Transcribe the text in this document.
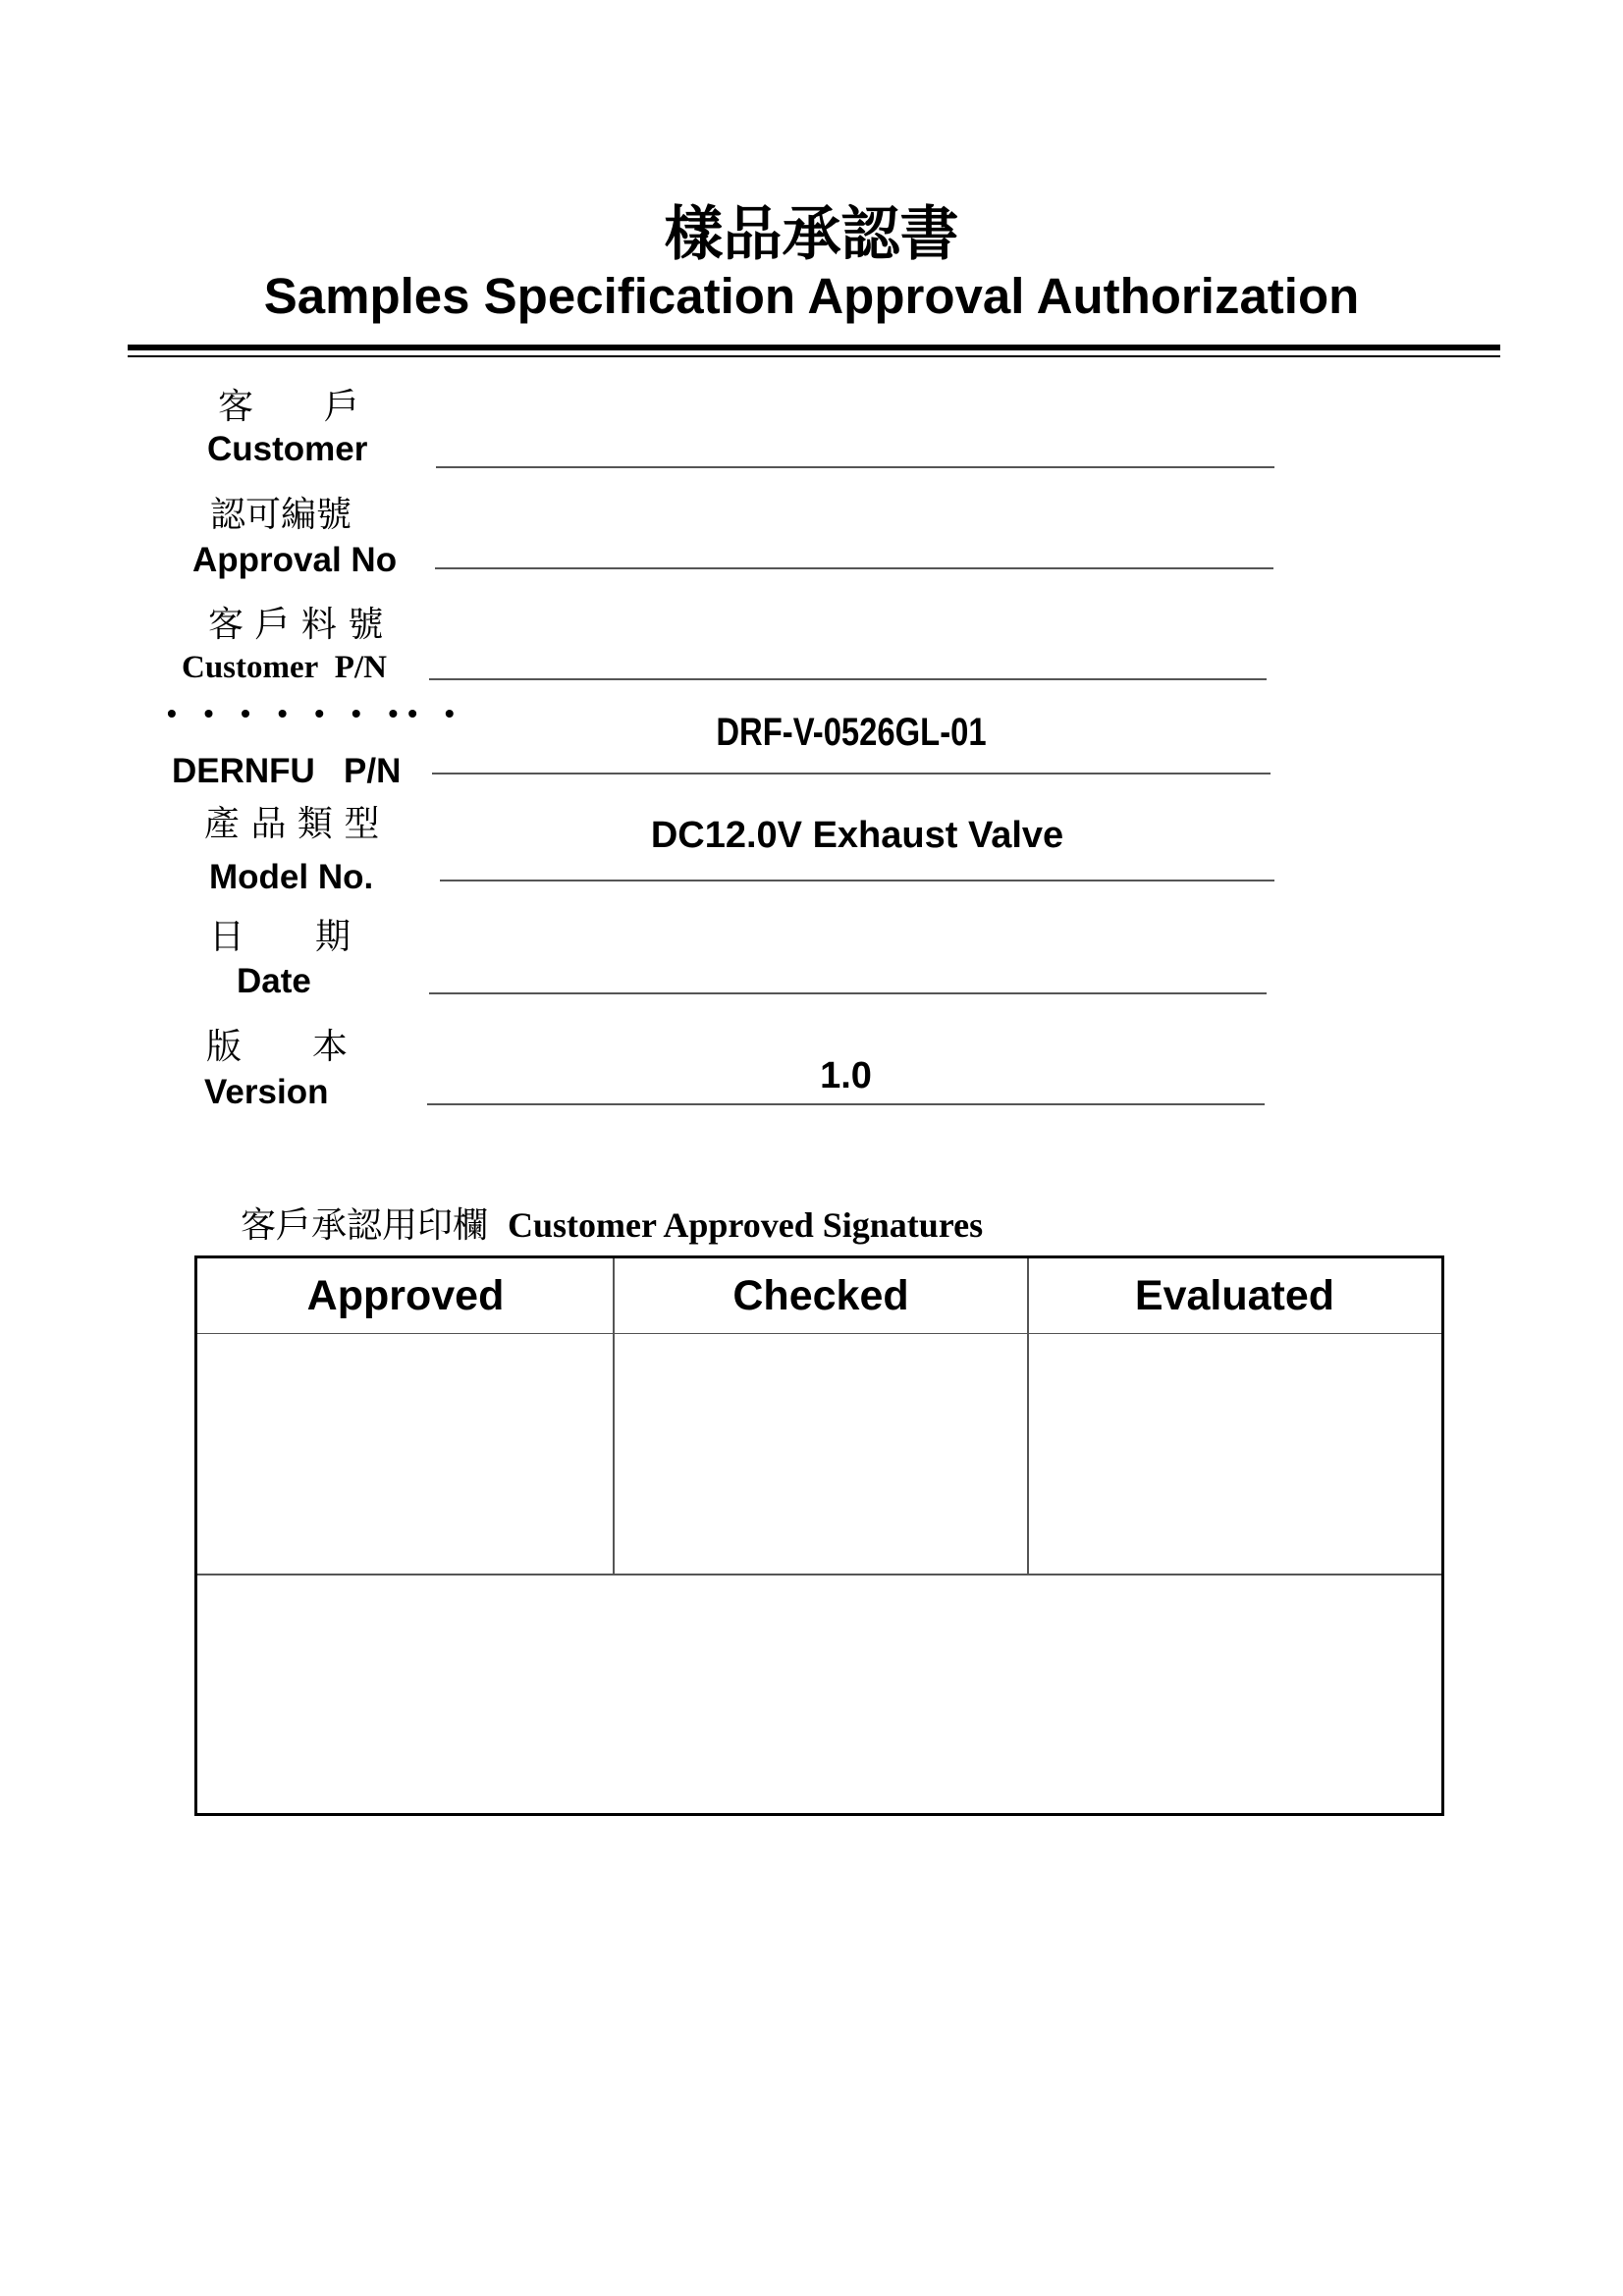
樣品承認書
Samples Specification Approval Authorization
客  戶
Customer
認可編號
Approval No
客 戶 料 號
Customer  P/N
• • • • • • •• •
DERNFU   P/N
DRF-V-0526GL-01
產 品 類 型
Model No.
DC12.0V Exhaust Valve
日  期
Date
版  本
Version	1.0
客戶承認用印欄 Customer Approved Signatures
Approved	Checked	Evaluated
